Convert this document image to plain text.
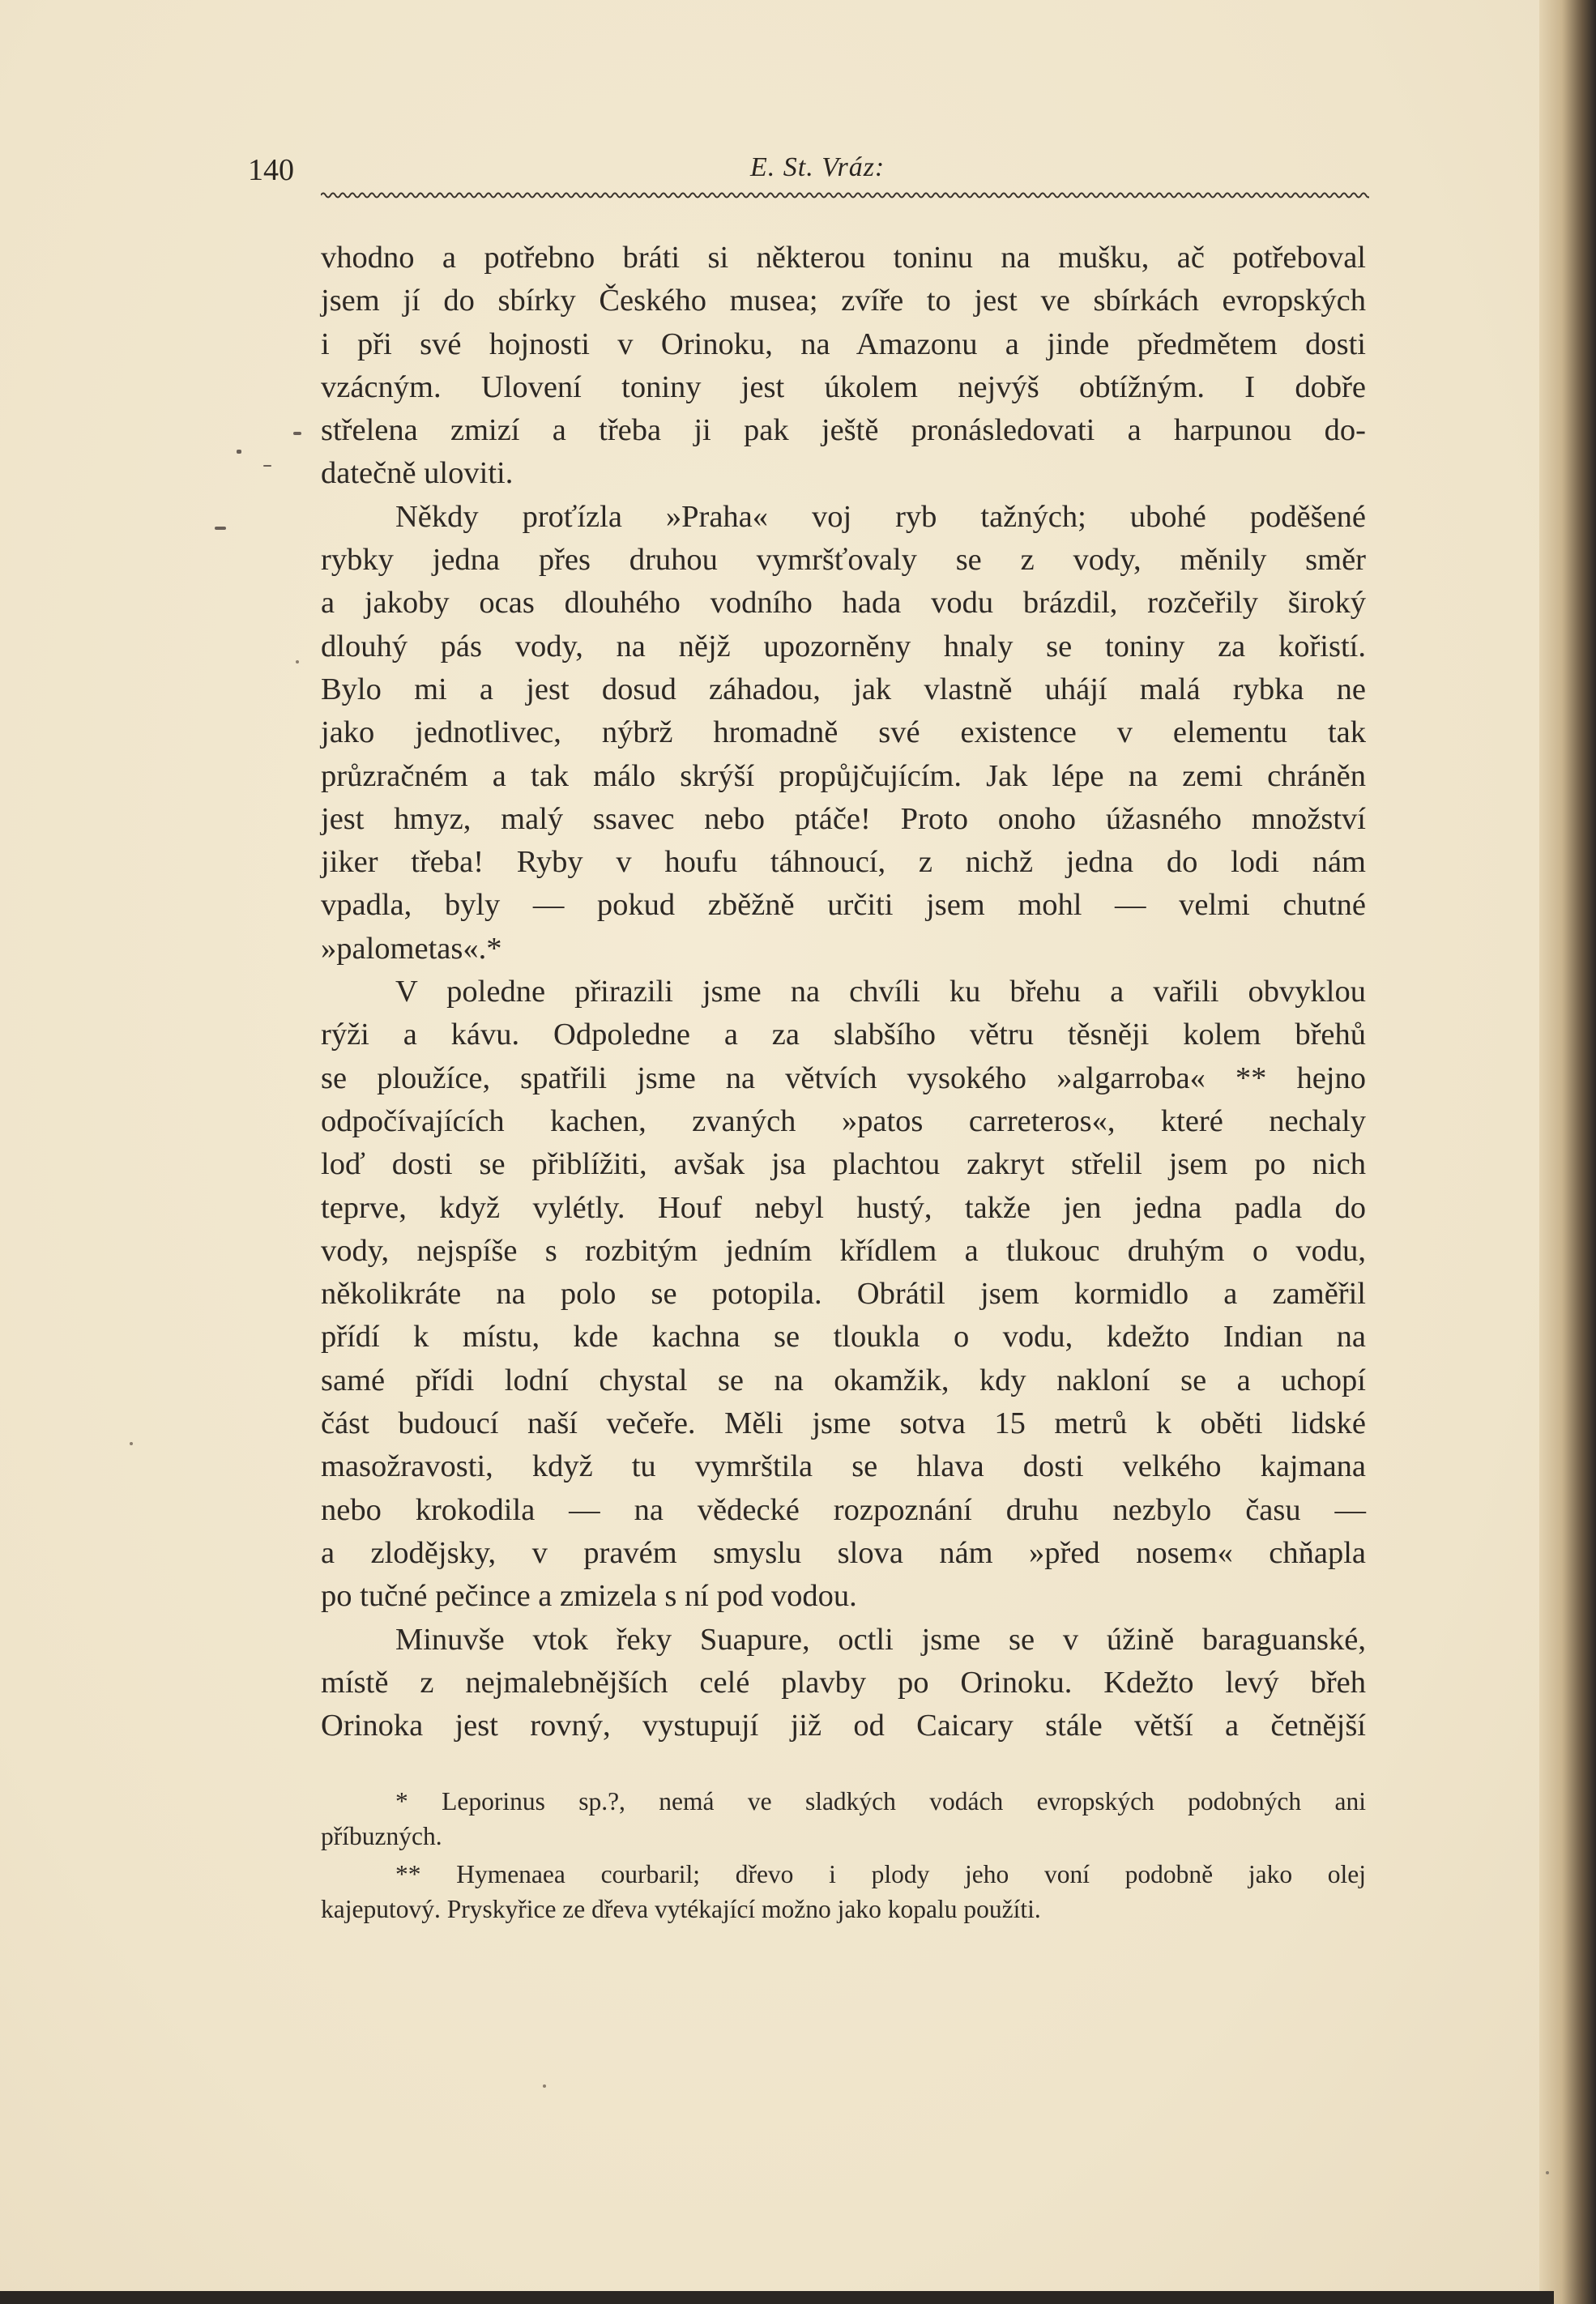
140	E. St. Vráz:

vhodno a potřebno bráti si některou toninu na mušku, ač potřeboval
jsem jí do sbírky Českého musea; zvíře to jest ve sbírkách evropských
i při své hojnosti v Orinoku, na Amazonu a jinde předmětem dosti
vzácným. Ulovení toniny jest úkolem nejvýš obtížným. I dobře
střelena zmizí a třeba ji pak ještě pronásledovati a harpunou do-
datečně uloviti.

Někdy proťízla »Praha« voj ryb tažných; ubohé poděšené
rybky jedna přes druhou vymršťovaly se z vody, měnily směr
a jakoby ocas dlouhého vodního hada vodu brázdil, rozčeřily široký
dlouhý pás vody, na nějž upozorněny hnaly se toniny za kořistí.
Bylo mi a jest dosud záhadou, jak vlastně uhájí malá rybka ne
jako jednotlivec, nýbrž hromadně své existence v elementu tak
průzračném a tak málo skrýší propůjčujícím. Jak lépe na zemi chráněn
jest hmyz, malý ssavec nebo ptáče! Proto onoho úžasného množství
jiker třeba! Ryby v houfu táhnoucí, z nichž jedna do lodi nám
vpadla, byly — pokud zběžně určiti jsem mohl — velmi chutné
»palometas«.*

V poledne přirazili jsme na chvíli ku břehu a vařili obvyklou
rýži a kávu. Odpoledne a za slabšího větru těsněji kolem břehů
se ploužíce, spatřili jsme na větvích vysokého »algarroba« ** hejno
odpočívajících kachen, zvaných »patos carreteros«, které nechaly
loď dosti se přiblížiti, avšak jsa plachtou zakryt střelil jsem po nich
teprve, když vylétly. Houf nebyl hustý, takže jen jedna padla do
vody, nejspíše s rozbitým jedním křídlem a tlukouc druhým o vodu,
několikráte na polo se potopila. Obrátil jsem kormidlo a zaměřil
přídí k místu, kde kachna se tloukla o vodu, kdežto Indian na
samé přídi lodní chystal se na okamžik, kdy nakloní se a uchopí
část budoucí naší večeře. Měli jsme sotva 15 metrů k oběti lidské
masožravosti, když tu vymrštila se hlava dosti velkého kajmana
nebo krokodila — na vědecké rozpoznání druhu nezbylo času —
a zlodějsky, v pravém smyslu slova nám »před nosem« chňapla
po tučné pečince a zmizela s ní pod vodou.

Minuvše vtok řeky Suapure, octli jsme se v úžině baraguanské,
místě z nejmalebnějších celé plavby po Orinoku. Kdežto levý břeh
Orinoka jest rovný, vystupují již od Caicary stále větší a četnější

* Leporinus sp.?, nemá ve sladkých vodách evropských podobných ani
příbuzných.
** Hymenaea courbaril; dřevo i plody jeho voní podobně jako olej
kajeputový. Pryskyřice ze dřeva vytékající možno jako kopalu použíti.
